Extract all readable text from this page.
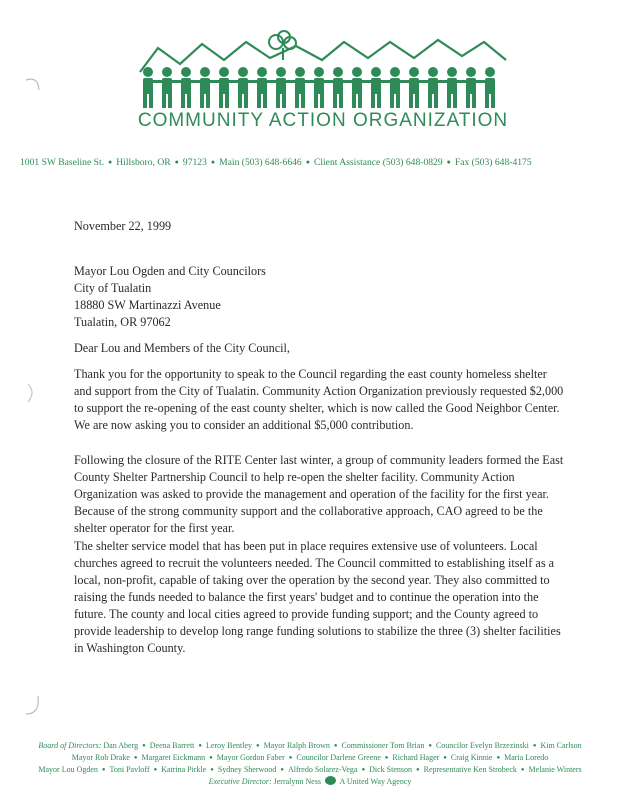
COMMUNITY ACTION ORGANIZATION
1001 SW Baseline St. ● Hillsboro, OR ● 97123 ● Main (503) 648-6646 ● Client Assistance (503) 648-0829 ● Fax (503) 648-4175
November 22, 1999
Mayor Lou Ogden and City Councilors
City of Tualatin
18880 SW Martinazzi Avenue
Tualatin, OR 97062
Dear Lou and Members of the City Council,
Thank you for the opportunity to speak to the Council regarding the east county homeless shelter and support from the City of Tualatin. Community Action Organization previously requested $2,000 to support the re-opening of the east county shelter, which is now called the Good Neighbor Center. We are now asking you to consider an additional $5,000 contribution.
Following the closure of the RITE Center last winter, a group of community leaders formed the East County Shelter Partnership Council to help re-open the shelter facility. Community Action Organization was asked to provide the management and operation of the facility for the first year. Because of the strong community support and the collaborative approach, CAO agreed to be the shelter operator for the first year.
The shelter service model that has been put in place requires extensive use of volunteers. Local churches agreed to recruit the volunteers needed. The Council committed to establishing itself as a local, non-profit, capable of taking over the operation by the second year. They also committed to raising the funds needed to balance the first years' budget and to continue the operation into the future. The county and local cities agreed to provide funding support; and the County agreed to provide leadership to develop long range funding solutions to stabilize the three (3) shelter facilities in Washington County.
Board of Directors: Dan Aberg ● Deena Barrett ● Leroy Bentley ● Mayor Ralph Brown ● Commissioner Tom Brian ● Councilor Evelyn Brzezinski ● Kim Carlson
Mayor Rob Drake ● Margaret Eickmann ● Mayor Gordon Faber ● Councilor Darlene Greene ● Richard Hager ● Craig Kinnie ● Maria Loredo
Mayor Lou Ogden ● Toni Pavloff ● Katrina Pirkle ● Sydney Sherwood ● Alfredo Solarez-Vega ● Dick Stenson ● Representative Ken Strobeck ● Melanie Winters
Executive Director: Jerralynn Ness A United Way Agency
